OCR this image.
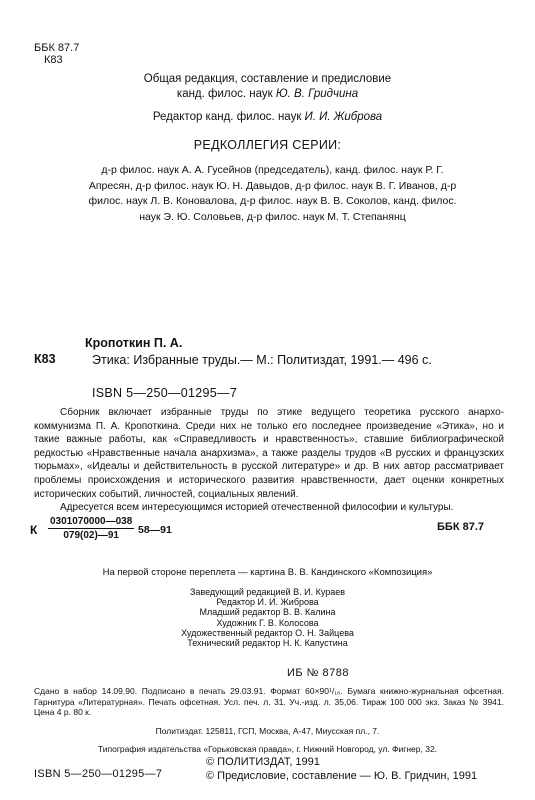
ББК 87.7
К83
Общая редакция, составление и предисловие
канд. филос. наук Ю. В. Гридчина
Редактор канд. филос. наук И. И. Жиброва
РЕДКОЛЛЕГИЯ СЕРИИ:
д-р филос. наук А. А. Гусейнов (председатель), канд. филос. наук Р. Г. Апресян, д-р филос. наук Ю. Н. Давыдов, д-р филос. наук В. Г. Иванов, д-р филос. наук Л. В. Коновалова, д-р филос. наук В. В. Соколов, канд. филос. наук Э. Ю. Соловьев, д-р филос. наук М. Т. Степанянц
Кропоткин П. А.
К83	Этика: Избранные труды.— М.: Политиздат, 1991.— 496 с.
ISBN 5—250—01295—7

Сборник включает избранные труды по этике ведущего теоретика русского анархо-коммунизма П. А. Кропоткина. Среди них не только его последнее произведение «Этика», но и такие важные работы, как «Справедливость и нравственность», ставшие библиографической редкостью «Нравственные начала анархизма», а также разделы трудов «В русских и французских тюрьмах», «Идеалы и действительность в русской литературе» и др. В них автор рассматривает проблемы происхождения и исторического развития нравственности, дает оценки конкретных исторических событий, личностей, социальных явлений.

Адресуется всем интересующимся историей отечественной философии и культуры.

К $\frac{0301070000—038}{079(02)—91}$ 58—91	ББК 87.7
На первой стороне переплета — картина В. В. Кандинского «Композиция»
Заведующий редакцией В. И. Кураев
Редактор И. И. Жиброва
Младший редактор В. В. Калина
Художник Г. В. Колосова
Художественный редактор О. Н. Зайцева
Технический редактор Н. К. Капустина
ИБ № 8788
Сдано в набор 14.09.90. Подписано в печать 29.03.91. Формат 60×90¹/₁₆. Бумага книжно-журнальная офсетная. Гарнитура «Литературная». Печать офсетная. Усл. печ. л. 31. Уч.-изд. л. 35,06. Тираж 100 000 экз. Заказ № 3941. Цена 4 р. 80 к.
Политиздат. 125811, ГСП, Москва, А-47, Миусская пл., 7.
Типография издательства «Горьковская правда», г. Нижний Новгород, ул. Фигнер, 32.
ISBN 5—250—01295—7
© ПОЛИТИЗДАТ, 1991
© Предисловие, составление — Ю. В. Гридчин, 1991
